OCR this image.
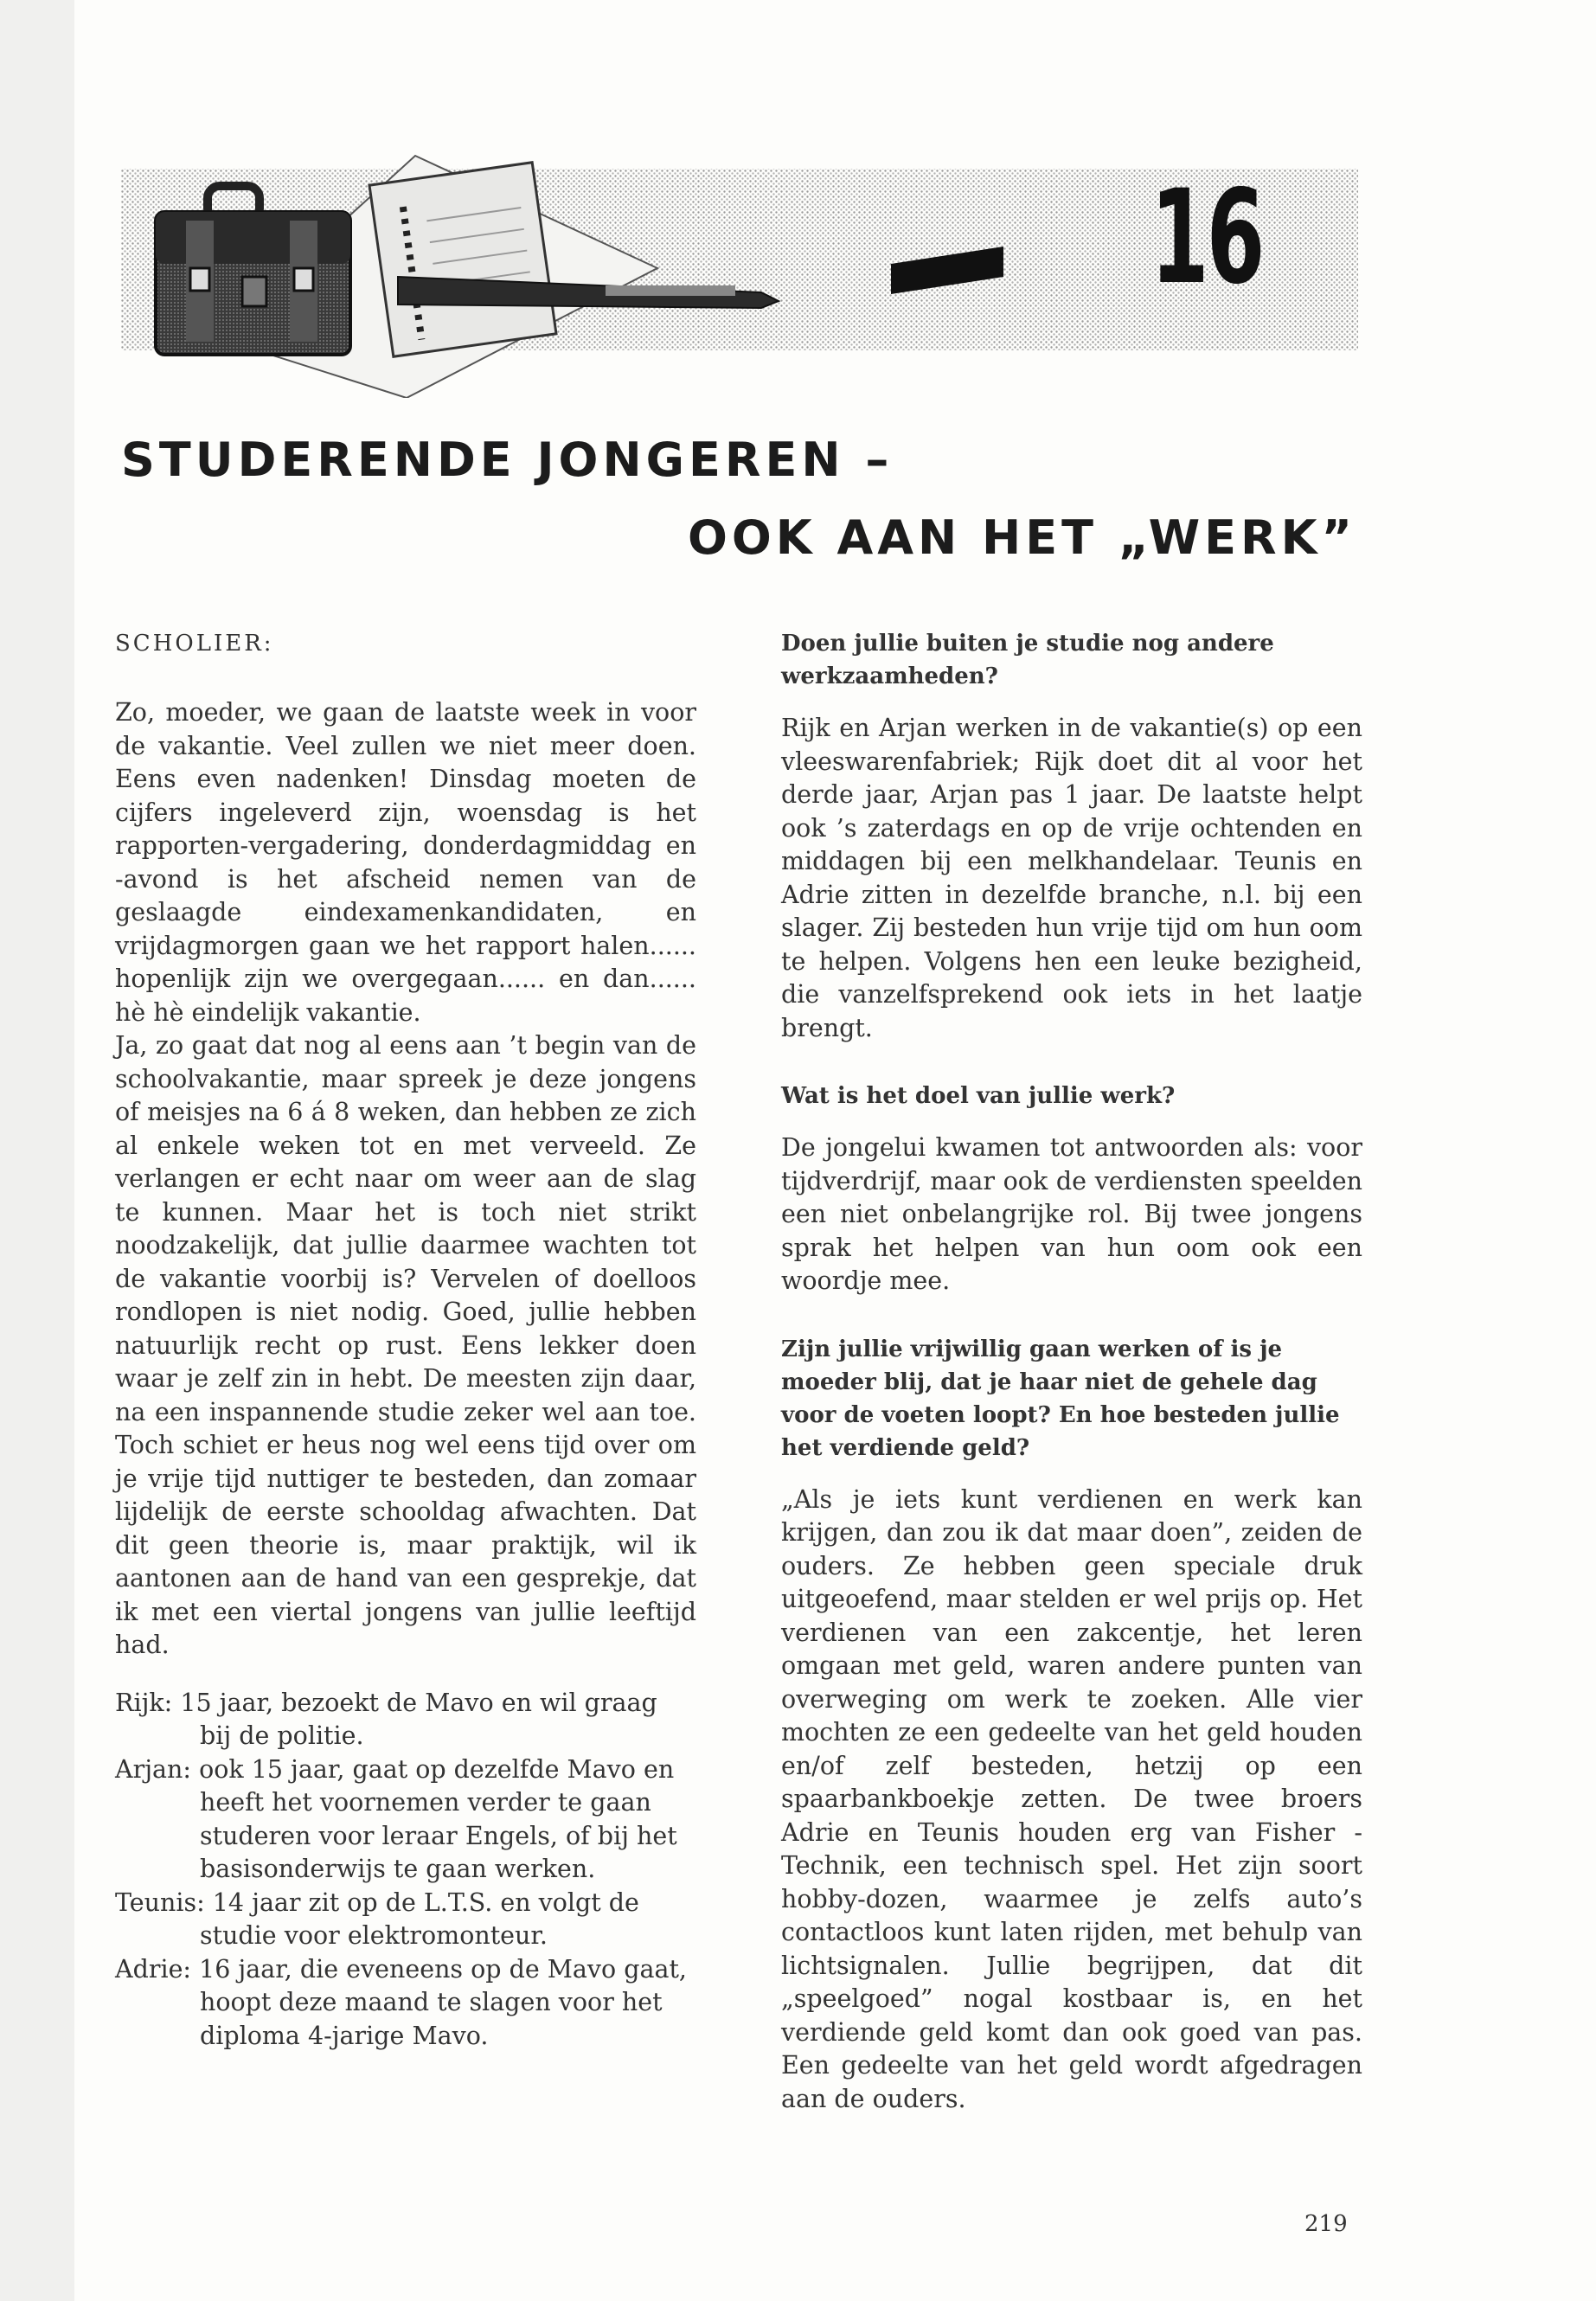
16
STUDERENDE JONGEREN –
OOK AAN HET „WERK”

SCHOLIER:

Zo, moeder, we gaan de laatste week in voor de vakantie. Veel zullen we niet meer doen. Eens even nadenken! Dinsdag moeten de cijfers ingeleverd zijn, woensdag is het rapporten-vergadering, donderdagmiddag en -avond is het afscheid nemen van de geslaagde eindexamenkandidaten, en vrijdagmorgen gaan we het rapport halen...... hopenlijk zijn we overgegaan...... en dan...... hè hè eindelijk vakantie.

Ja, zo gaat dat nog al eens aan ’t begin van de schoolvakantie, maar spreek je deze jongens of meisjes na 6 á 8 weken, dan hebben ze zich al enkele weken tot en met verveeld. Ze verlangen er echt naar om weer aan de slag te kunnen. Maar het is toch niet strikt noodzakelijk, dat jullie daarmee wachten tot de vakantie voorbij is? Vervelen of doelloos rondlopen is niet nodig. Goed, jullie hebben natuurlijk recht op rust. Eens lekker doen waar je zelf zin in hebt. De meesten zijn daar, na een inspannende studie zeker wel aan toe. Toch schiet er heus nog wel eens tijd over om je vrije tijd nuttiger te besteden, dan zomaar lijdelijk de eerste schooldag afwachten. Dat dit geen theorie is, maar praktijk, wil ik aantonen aan de hand van een gesprekje, dat ik met een viertal jongens van jullie leeftijd had.

Rijk: 15 jaar, bezoekt de Mavo en wil graag bij de politie.
Arjan: ook 15 jaar, gaat op dezelfde Mavo en heeft het voornemen verder te gaan studeren voor leraar Engels, of bij het basisonderwijs te gaan werken.
Teunis: 14 jaar zit op de L.T.S. en volgt de studie voor elektromonteur.
Adrie: 16 jaar, die eveneens op de Mavo gaat, hoopt deze maand te slagen voor het diploma 4-jarige Mavo.

Doen jullie buiten je studie nog andere werkzaamheden?

Rijk en Arjan werken in de vakantie(s) op een vleeswarenfabriek; Rijk doet dit al voor het derde jaar, Arjan pas 1 jaar. De laatste helpt ook ’s zaterdags en op de vrije ochtenden en middagen bij een melkhandelaar. Teunis en Adrie zitten in dezelfde branche, n.l. bij een slager. Zij besteden hun vrije tijd om hun oom te helpen. Volgens hen een leuke bezigheid, die vanzelfsprekend ook iets in het laatje brengt.

Wat is het doel van jullie werk?

De jongelui kwamen tot antwoorden als: voor tijdverdrijf, maar ook de verdiensten speelden een niet onbelangrijke rol. Bij twee jongens sprak het helpen van hun oom ook een woordje mee.

Zijn jullie vrijwillig gaan werken of is je moeder blij, dat je haar niet de gehele dag voor de voeten loopt? En hoe besteden jullie het verdiende geld?

„Als je iets kunt verdienen en werk kan krijgen, dan zou ik dat maar doen”, zeiden de ouders. Ze hebben geen speciale druk uitgeoefend, maar stelden er wel prijs op. Het verdienen van een zakcentje, het leren omgaan met geld, waren andere punten van overweging om werk te zoeken. Alle vier mochten ze een gedeelte van het geld houden en/of zelf besteden, hetzij op een spaarbankboekje zetten. De twee broers Adrie en Teunis houden erg van Fisher - Technik, een technisch spel. Het zijn soort hobby-dozen, waarmee je zelfs auto’s contactloos kunt laten rijden, met behulp van lichtsignalen. Jullie begrijpen, dat dit „speelgoed” nogal kostbaar is, en het verdiende geld komt dan ook goed van pas. Een gedeelte van het geld wordt afgedragen aan de ouders.

219
